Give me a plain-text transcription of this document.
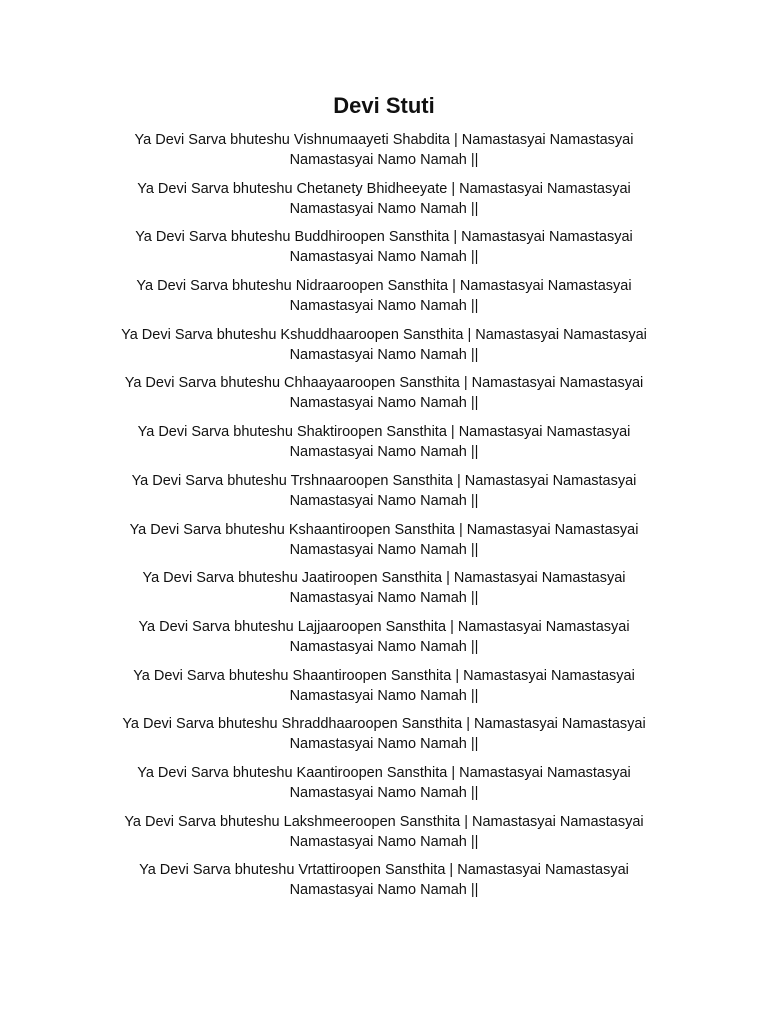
Devi Stuti
Ya Devi Sarva bhuteshu Vishnumaayeti Shabdita | Namastasyai Namastasyai
Namastasyai Namo Namah ||
Ya Devi Sarva bhuteshu Chetanety Bhidheeyate | Namastasyai Namastasyai
Namastasyai Namo Namah ||
Ya Devi Sarva bhuteshu Buddhiroopen Sansthita | Namastasyai Namastasyai
Namastasyai Namo Namah ||
Ya Devi Sarva bhuteshu Nidraaroopen Sansthita | Namastasyai Namastasyai
Namastasyai Namo Namah ||
Ya Devi Sarva bhuteshu Kshuddhaaroopen Sansthita | Namastasyai Namastasyai
Namastasyai Namo Namah ||
Ya Devi Sarva bhuteshu Chhaayaaroopen Sansthita | Namastasyai Namastasyai
Namastasyai Namo Namah ||
Ya Devi Sarva bhuteshu Shaktiroopen Sansthita | Namastasyai Namastasyai
Namastasyai Namo Namah ||
Ya Devi Sarva bhuteshu Trshnaaroopen Sansthita | Namastasyai Namastasyai
Namastasyai Namo Namah ||
Ya Devi Sarva bhuteshu Kshaantiroopen Sansthita | Namastasyai Namastasyai
Namastasyai Namo Namah ||
Ya Devi Sarva bhuteshu Jaatiroopen Sansthita | Namastasyai Namastasyai
Namastasyai Namo Namah ||
Ya Devi Sarva bhuteshu Lajjaaroopen Sansthita | Namastasyai Namastasyai
Namastasyai Namo Namah ||
Ya Devi Sarva bhuteshu Shaantiroopen Sansthita | Namastasyai Namastasyai
Namastasyai Namo Namah ||
Ya Devi Sarva bhuteshu Shraddhaaroopen Sansthita | Namastasyai Namastasyai
Namastasyai Namo Namah ||
Ya Devi Sarva bhuteshu Kaantiroopen Sansthita | Namastasyai Namastasyai
Namastasyai Namo Namah ||
Ya Devi Sarva bhuteshu Lakshmeeroopen Sansthita | Namastasyai Namastasyai
Namastasyai Namo Namah ||
Ya Devi Sarva bhuteshu Vrtattiroopen Sansthita | Namastasyai Namastasyai
Namastasyai Namo Namah ||
